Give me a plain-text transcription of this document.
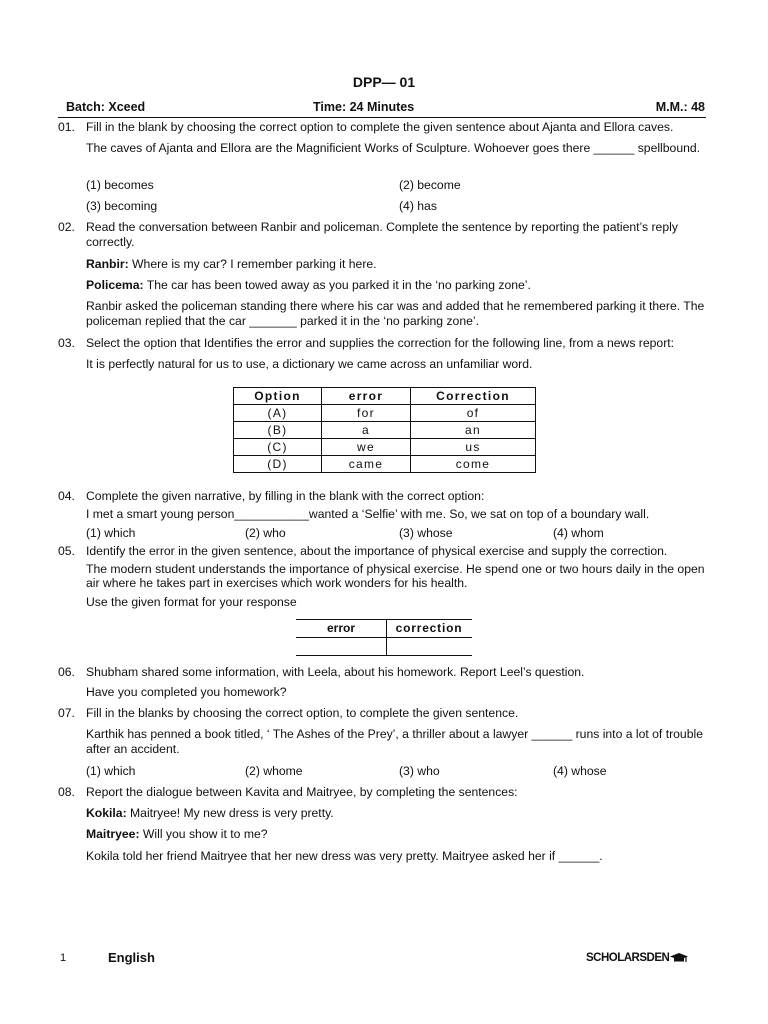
DPP— 01
Batch: Xceed	Time: 24 Minutes	M.M.: 48
01. Fill in the blank by choosing the correct option to complete the given sentence about Ajanta and Ellora caves.
The caves of Ajanta and Ellora are the Magnificient Works of Sculpture. Wohoever goes there ______ spellbound.
(1) becomes	(2) become
(3) becoming	(4) has
02. Read the conversation between Ranbir and policeman. Complete the sentence by reporting the patient’s reply correctly.
Ranbir: Where is my car? I remember parking it here.
Policema: The car has been towed away as you parked it in the ‘no parking zone’.
Ranbir asked the policeman standing there where his car was and added that he remembered parking it there. The policeman replied that the car _______ parked it in the ‘no parking zone’.
03. Select the option that Identifies the error and supplies the correction for the following line, from a news report:
It is perfectly natural for us to use, a dictionary we came across an unfamiliar word.
Option	error	Correction
(A)	for	of
(B)	a	an
(C)	we	us
(D)	came	come
04. Complete the given narrative, by filling in the blank with the correct option:
I met a smart young person___________wanted a ‘Selfie’ with me. So, we sat on top of a boundary wall.
(1) which	(2) who	(3) whose	(4) whom
05. Identify the error in the given sentence, about the importance of physical exercise and supply the correction.
The modern student understands the importance of physical exercise. He spend one or two hours daily in the open air where he takes part in exercises which work wonders for his health.
Use the given format for your response
error	correction
06. Shubham shared some information, with Leela, about his homework. Report Leel’s question.
Have you completed you homework?
07. Fill in the blanks by choosing the correct option, to complete the given sentence.
Karthik has penned a book titled, ‘ The Ashes of the Prey’, a thriller about a lawyer ______ runs into a lot of trouble after an accident.
(1) which	(2) whome	(3) who	(4) whose
08. Report the dialogue between Kavita and Maitryee, by completing the sentences:
Kokila: Maitryee! My new dress is very pretty.
Maitryee: Will you show it to me?
Kokila told her friend Maitryee that her new dress was very pretty. Maitryee asked her if ______.
1	English	SCHOLARSDEN
